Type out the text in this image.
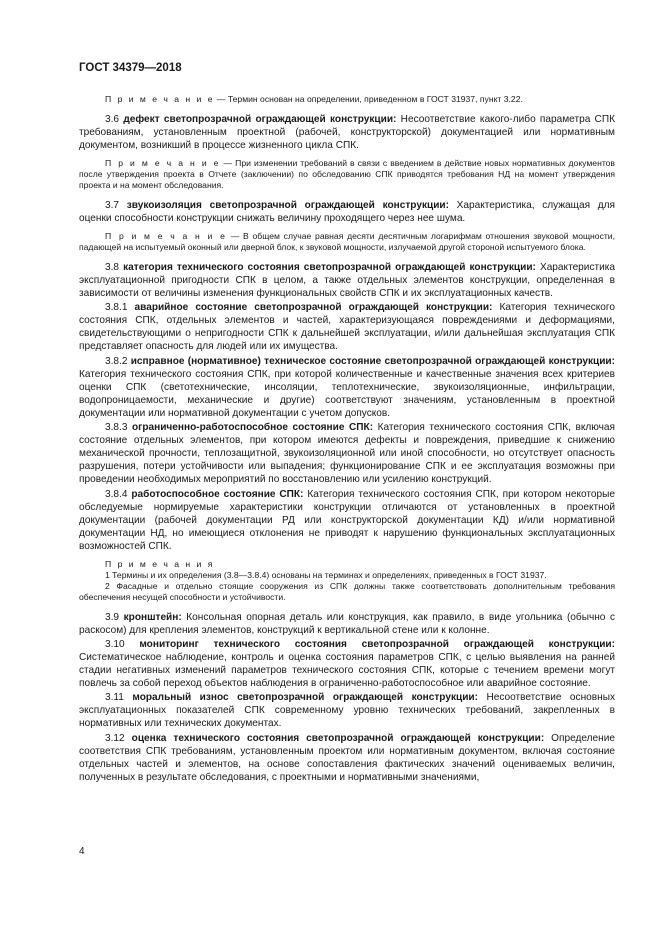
ГОСТ 34379—2018

П р и м е ч а н и е — Термин основан на определении, приведенном в ГОСТ 31937, пункт 3.22.

3.6 дефект светопрозрачной ограждающей конструкции: Несоответствие какого-либо параметра СПК требованиям, установленным проектной (рабочей, конструкторской) документацией или нормативным документом, возникший в процессе жизненного цикла СПК.

П р и м е ч а н и е — При изменении требований в связи с введением в действие новых нормативных документов после утверждения проекта в Отчете (заключении) по обследованию СПК приводятся требования НД на момент утверждения проекта и на момент обследования.

3.7 звукоизоляция светопрозрачной ограждающей конструкции: Характеристика, служащая для оценки способности конструкции снижать величину проходящего через нее шума.

П р и м е ч а н и е — В общем случае равная десяти десятичным логарифмам отношения звуковой мощности, падающей на испытуемый оконный или дверной блок, к звуковой мощности, излучаемой другой стороной испытуемого блока.

3.8 категория технического состояния светопрозрачной ограждающей конструкции: Характеристика эксплуатационной пригодности СПК в целом, а также отдельных элементов конструкции, определенная в зависимости от величины изменения функциональных свойств СПК и их эксплуатационных качеств.

3.8.1 аварийное состояние светопрозрачной ограждающей конструкции: Категория технического состояния СПК, отдельных элементов и частей, характеризующаяся повреждениями и деформациями, свидетельствующими о непригодности СПК к дальнейшей эксплуатации, и/или дальнейшая эксплуатация СПК представляет опасность для людей или их имущества.

3.8.2 исправное (нормативное) техническое состояние светопрозрачной ограждающей конструкции: Категория технического состояния СПК, при которой количественные и качественные значения всех критериев оценки СПК (светотехнические, инсоляции, теплотехнические, звукоизоляционные, инфильтрации, водопроницаемости, механические и другие) соответствуют значениям, установленным в проектной документации или нормативной документации с учетом допусков.

3.8.3 ограниченно-работоспособное состояние СПК: Категория технического состояния СПК, включая состояние отдельных элементов, при котором имеются дефекты и повреждения, приведшие к снижению механической прочности, теплозащитной, звукоизоляционной или иной способности, но отсутствует опасность разрушения, потери устойчивости или выпадения; функционирование СПК и ее эксплуатация возможны при проведении необходимых мероприятий по восстановлению или усилению конструкций.

3.8.4 работоспособное состояние СПК: Категория технического состояния СПК, при котором некоторые обследуемые нормируемые характеристики конструкции отличаются от установленных в проектной документации (рабочей документации РД или конструкторской документации КД) и/или нормативной документации НД, но имеющиеся отклонения не приводят к нарушению функциональных эксплуатационных возможностей СПК.

П р и м е ч а н и я

1 Термины и их определения (3.8—3.8.4) основаны на терминах и определениях, приведенных в ГОСТ 31937.

2 Фасадные и отдельно стоящие сооружения из СПК должны также соответствовать дополнительным требования обеспечения несущей способности и устойчивости.

3.9 кронштейн: Консольная опорная деталь или конструкция, как правило, в виде угольника (обычно с раскосом) для крепления элементов, конструкций к вертикальной стене или к колонне.

3.10 мониторинг технического состояния светопрозрачной ограждающей конструкции: Систематическое наблюдение, контроль и оценка состояния параметров СПК, с целью выявления на ранней стадии негативных изменений параметров технического состояния СПК, которые с течением времени могут повлечь за собой переход объектов наблюдения в ограниченно-работоспособное или аварийное состояние.

3.11 моральный износ светопрозрачной ограждающей конструкции: Несоответствие основных эксплуатационных показателей СПК современному уровню технических требований, закрепленных в нормативных или технических документах.

3.12 оценка технического состояния светопрозрачной ограждающей конструкции: Определение соответствия СПК требованиям, установленным проектом или нормативным документом, включая состояние отдельных частей и элементов, на основе сопоставления фактических значений оцениваемых величин, полученных в результате обследования, с проектными и нормативными значениями,

4
